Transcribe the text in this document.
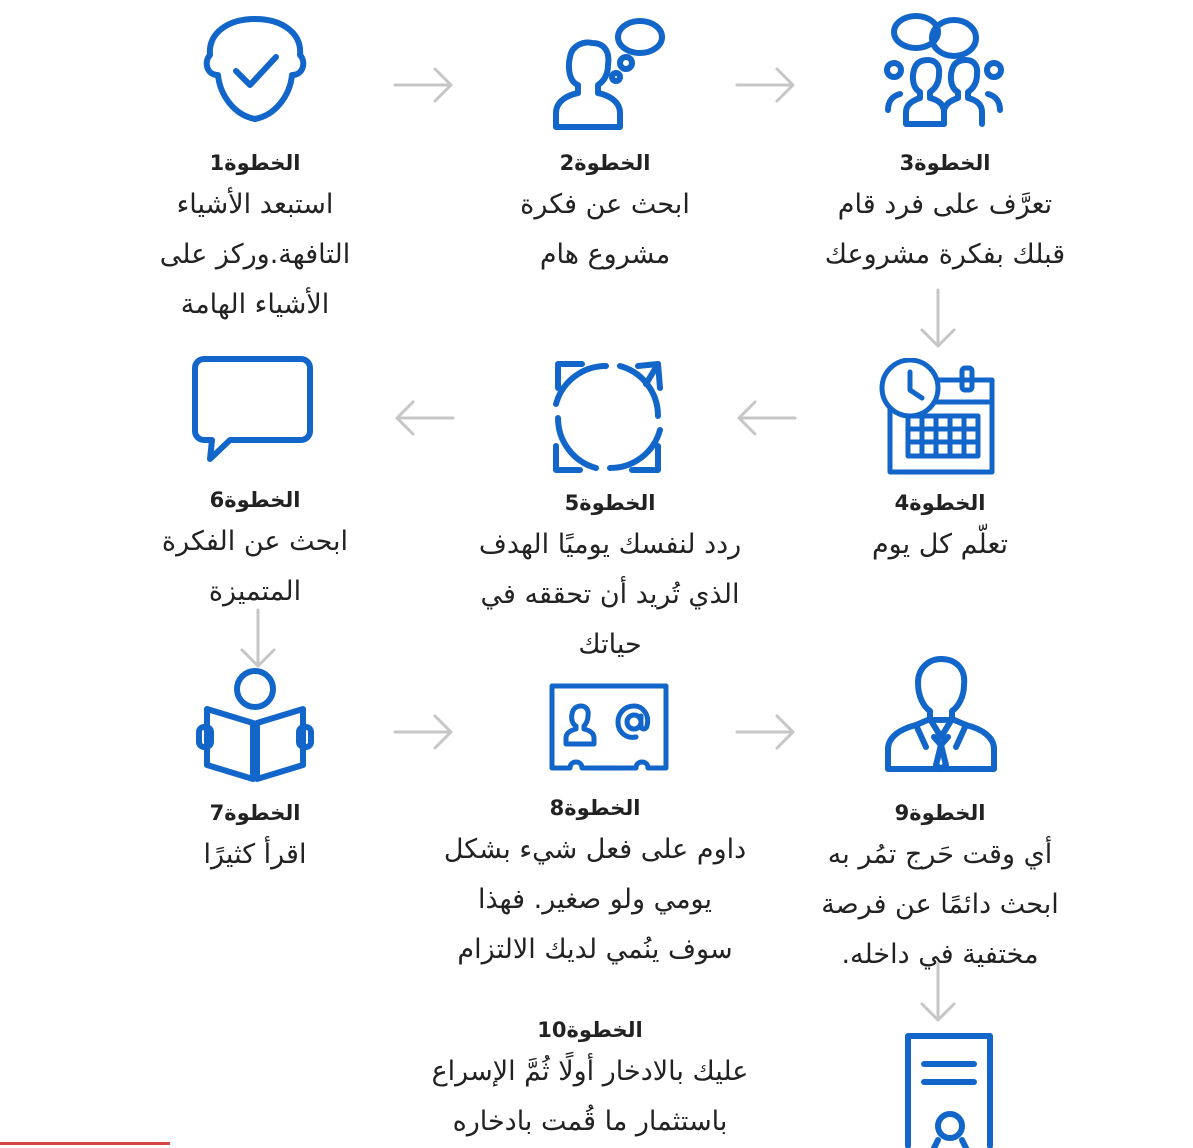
الخطوة1
استبعد الأشياء
التافهة.وركز على
الأشياء الهامة
الخطوة2
ابحث عن فكرة
مشروع هام
الخطوة3
تعرَّف على فرد قام
قبلك بفكرة مشروعك
الخطوة4
تعلّم كل يوم
الخطوة5
ردد لنفسك يوميًا الهدف
الذي تُريد أن تحققه في
حياتك
الخطوة6
ابحث عن الفكرة
المتميزة
الخطوة7
اقرأ كثيرًا
الخطوة8
داوم على فعل شيء بشكل
يومي ولو صغير. فهذا
سوف ينُمي لديك الالتزام
الخطوة9
أي وقت حَرج تمُر به
ابحث دائمًا عن فرصة
مختفية في داخله.
الخطوة10
عليك بالادخار أولًا ثُمَّ الإسراع
باستثمار ما قُمت بادخاره
